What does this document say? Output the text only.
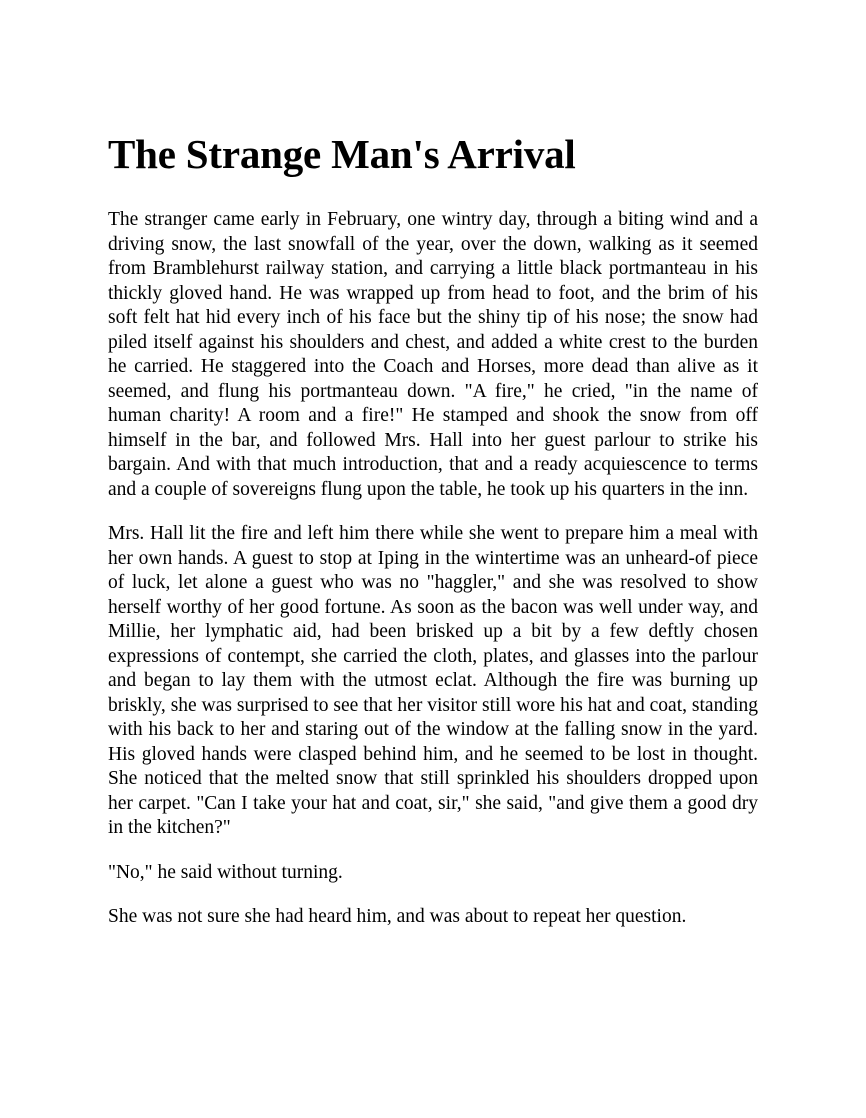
The Strange Man's Arrival

The stranger came early in February, one wintry day, through a biting wind and a driving snow, the last snowfall of the year, over the down, walking as it seemed from Bramblehurst railway station, and carrying a little black portmanteau in his thickly gloved hand. He was wrapped up from head to foot, and the brim of his soft felt hat hid every inch of his face but the shiny tip of his nose; the snow had piled itself against his shoulders and chest, and added a white crest to the burden he carried. He staggered into the Coach and Horses, more dead than alive as it seemed, and flung his portmanteau down. "A fire," he cried, "in the name of human charity! A room and a fire!" He stamped and shook the snow from off himself in the bar, and followed Mrs. Hall into her guest parlour to strike his bargain. And with that much introduction, that and a ready acquiescence to terms and a couple of sovereigns flung upon the table, he took up his quarters in the inn.

Mrs. Hall lit the fire and left him there while she went to prepare him a meal with her own hands. A guest to stop at Iping in the wintertime was an unheard-of piece of luck, let alone a guest who was no "haggler," and she was resolved to show herself worthy of her good fortune. As soon as the bacon was well under way, and Millie, her lymphatic aid, had been brisked up a bit by a few deftly chosen expressions of contempt, she carried the cloth, plates, and glasses into the parlour and began to lay them with the utmost eclat. Although the fire was burning up briskly, she was surprised to see that her visitor still wore his hat and coat, standing with his back to her and staring out of the window at the falling snow in the yard. His gloved hands were clasped behind him, and he seemed to be lost in thought. She noticed that the melted snow that still sprinkled his shoulders dropped upon her carpet. "Can I take your hat and coat, sir," she said, "and give them a good dry in the kitchen?"

"No," he said without turning.

She was not sure she had heard him, and was about to repeat her question.
